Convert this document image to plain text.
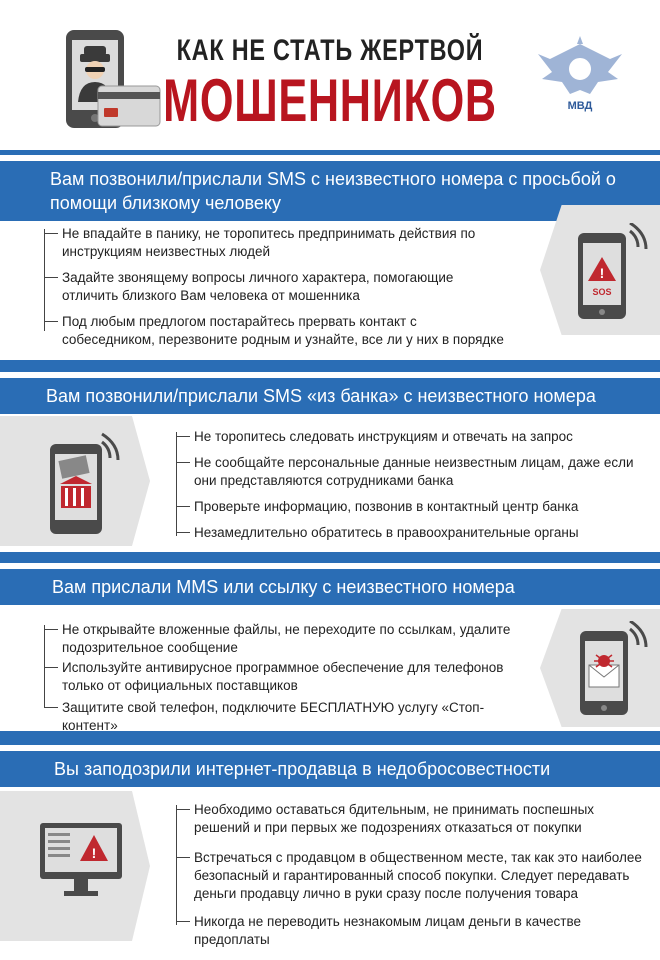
КАК НЕ СТАТЬ ЖЕРТВОЙ
МОШЕННИКОВ	МВД
Вам позвонили/прислали SMS с неизвестного номера с просьбой о помощи близкому человеку
Не впадайте в панику, не торопитесь предпринимать действия по инструкциям неизвестных людей
Задайте звонящему вопросы личного характера, помогающие отличить близкого Вам человека от мошенника
Под любым предлогом постарайтесь прервать контакт с собеседником, перезвоните родным и узнайте, все ли у них в порядке
!
SOS
Вам позвонили/прислали SMS «из банка» с неизвестного номера
Не торопитесь следовать инструкциям и отвечать на запрос
Не сообщайте персональные данные неизвестным лицам, даже если они представляются сотрудниками банка
Проверьте информацию, позвонив в контактный центр банка
Незамедлительно обратитесь в правоохранительные органы
Вам прислали MMS или ссылку с неизвестного номера
Не открывайте вложенные файлы, не переходите по ссылкам, удалите подозрительное сообщение
Используйте антивирусное программное обеспечение для телефонов только от официальных поставщиков
Защитите свой телефон, подключите БЕСПЛАТНУЮ услугу «Стоп-контент»
Вы заподозрили интернет-продавца в недобросовестности
!
Необходимо оставаться бдительным, не принимать поспешных решений и при первых же подозрениях отказаться от покупки
Встречаться с продавцом в общественном месте, так как это наиболее безопасный и гарантированный способ покупки. Следует передавать деньги продавцу лично в руки сразу после получения товара
Никогда не переводить незнакомым лицам деньги в качестве предоплаты
